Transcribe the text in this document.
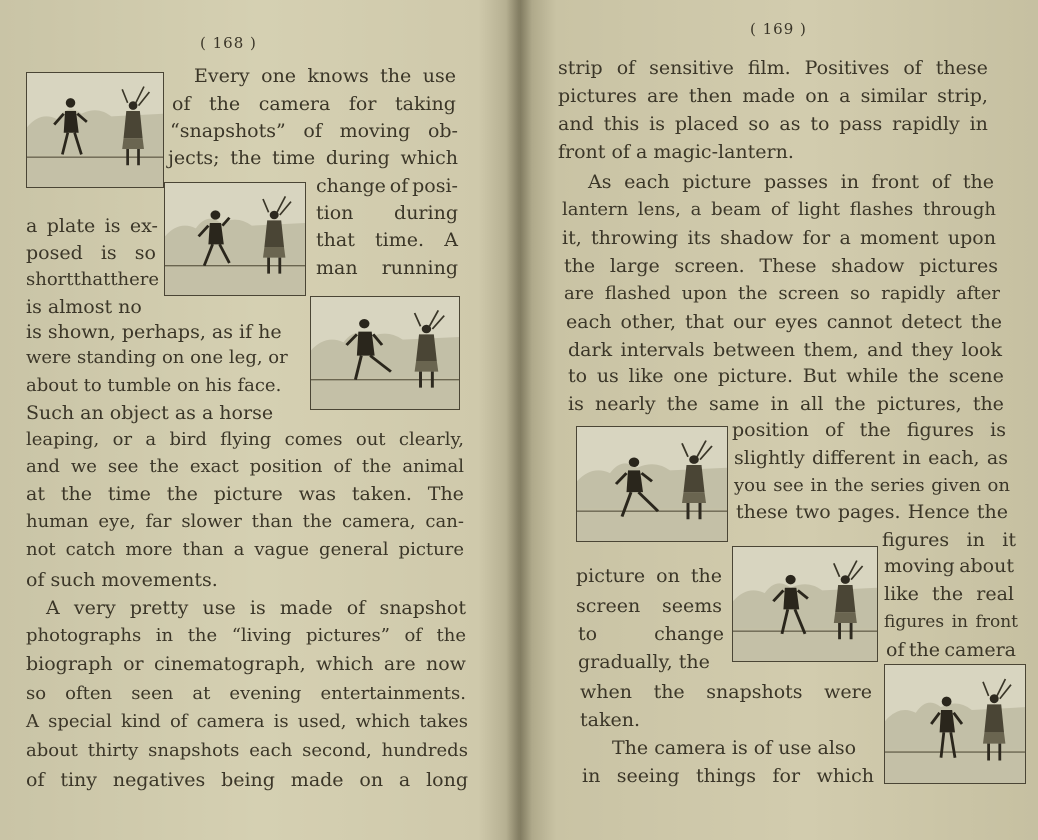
( 168 )
Every one knows the use
of the camera for taking
“snapshots” of moving ob-
jects; the time during which
change of posi-
a plate is ex-
tion during
posed is so
that time. A
short that there
man running
is almost no
is shown, perhaps, as if he
were standing on one leg, or
about to tumble on his face.
Such an object as a horse
leaping, or a bird flying comes out clearly,
and we see the exact position of the animal
at the time the picture was taken. The
human eye, far slower than the camera, can-
not catch more than a vague general picture
of such movements.
A very pretty use is made of snapshot
photographs in the “living pictures” of the
biograph or cinematograph, which are now
so often seen at evening entertainments.
A special kind of camera is used, which takes
about thirty snapshots each second, hundreds
of tiny negatives being made on a long
( 169 )
strip of sensitive film. Positives of these
pictures are then made on a similar strip,
and this is placed so as to pass rapidly in
front of a magic-lantern.
As each picture passes in front of the
lantern lens, a beam of light flashes through
it, throwing its shadow for a moment upon
the large screen. These shadow pictures
are flashed upon the screen so rapidly after
each other, that our eyes cannot detect the
dark intervals between them, and they look
to us like one picture. But while the scene
is nearly the same in all the pictures, the
position of the figures is
slightly different in each, as
you see in the series given on
these two pages. Hence the
figures in it
picture on the	moving about
like the real
screen seems
figures in front
to	change
of the camera
gradually, the
when the snapshots were
taken.
The camera is of use also
in seeing things for which
